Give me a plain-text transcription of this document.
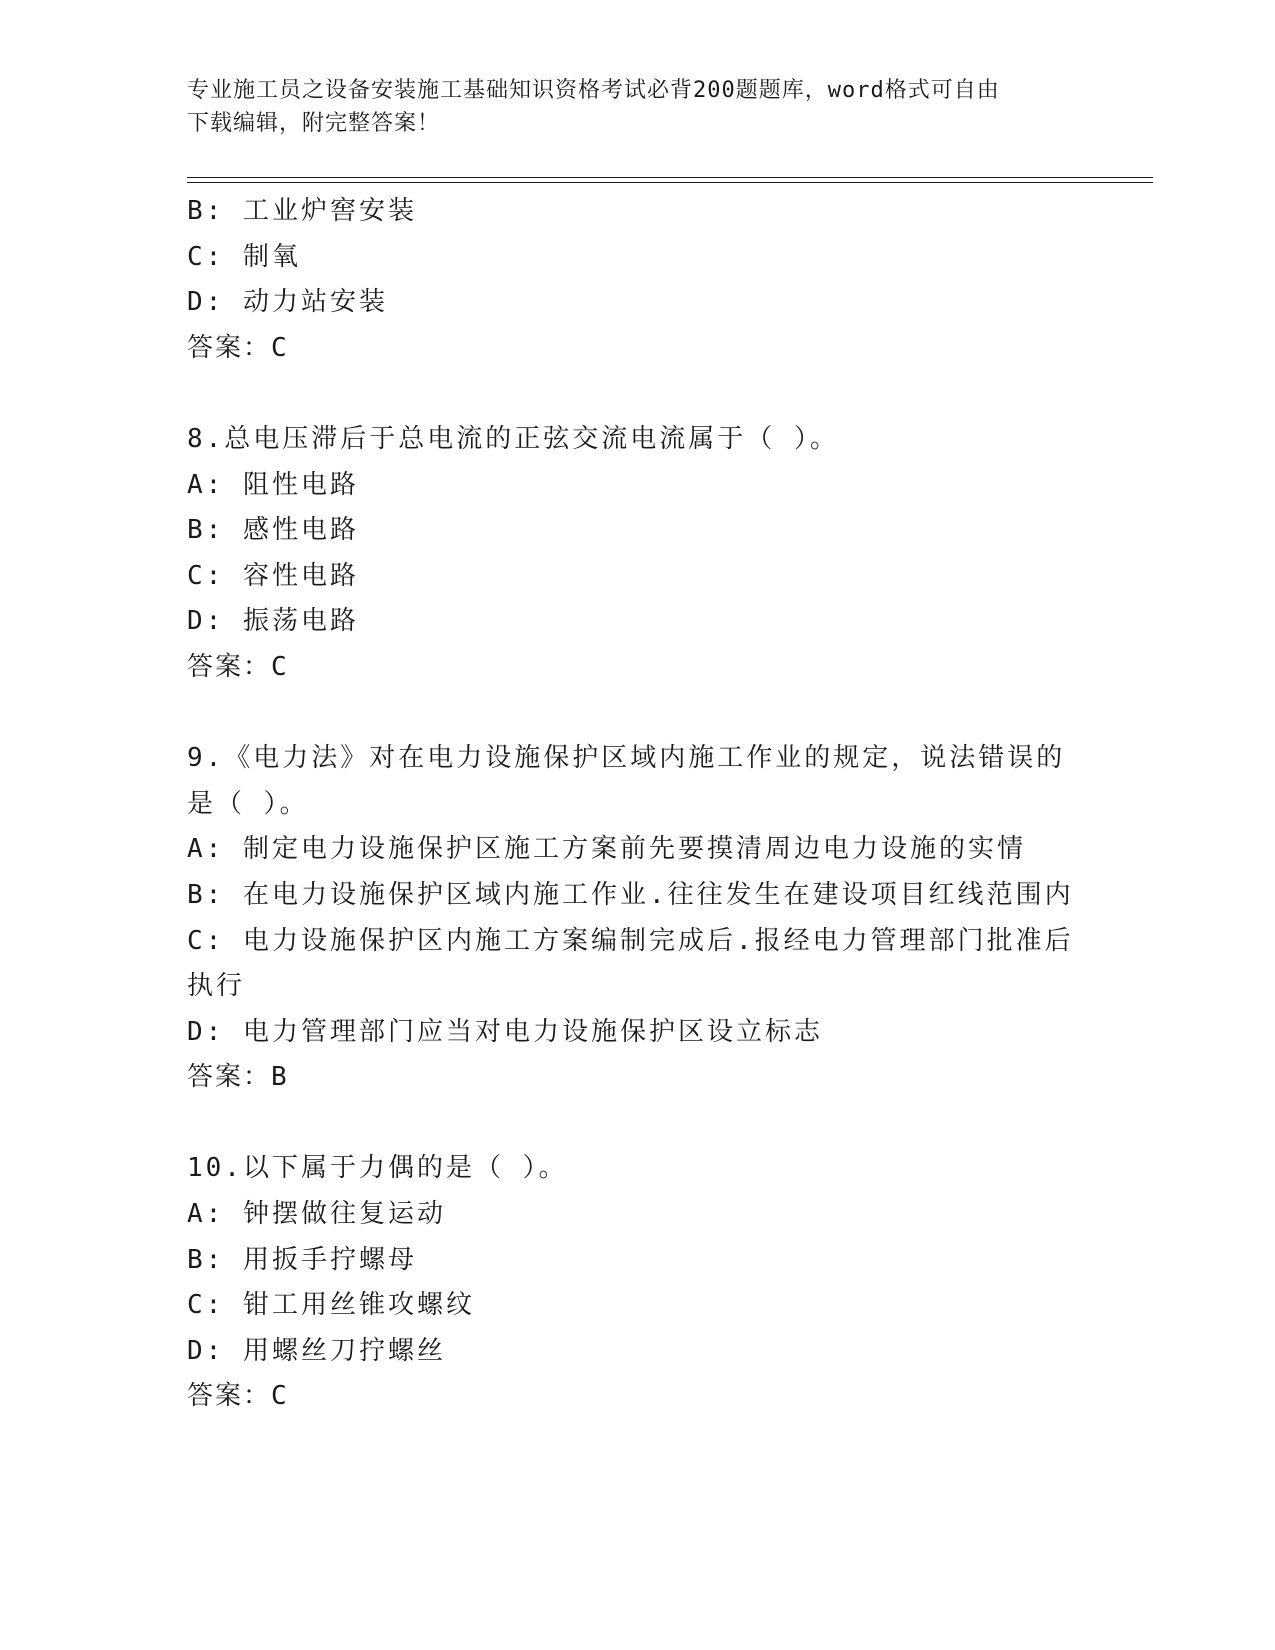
专业施工员之设备安装施工基础知识资格考试必背200题题库，word格式可自由
下载编辑，附完整答案！
B: 工业炉窖安装
C: 制氧
D: 动力站安装
答案：C
8.总电压滞后于总电流的正弦交流电流属于（ ）。
A: 阻性电路
B: 感性电路
C: 容性电路
D: 振荡电路
答案：C
9.《电力法》对在电力设施保护区域内施工作业的规定，说法错误的
是（ ）。
A: 制定电力设施保护区施工方案前先要摸清周边电力设施的实情
B: 在电力设施保护区域内施工作业.往往发生在建设项目红线范围内
C: 电力设施保护区内施工方案编制完成后.报经电力管理部门批准后
执行
D: 电力管理部门应当对电力设施保护区设立标志
答案：B
10.以下属于力偶的是（ ）。
A: 钟摆做往复运动
B: 用扳手拧螺母
C: 钳工用丝锥攻螺纹
D: 用螺丝刀拧螺丝
答案：C
